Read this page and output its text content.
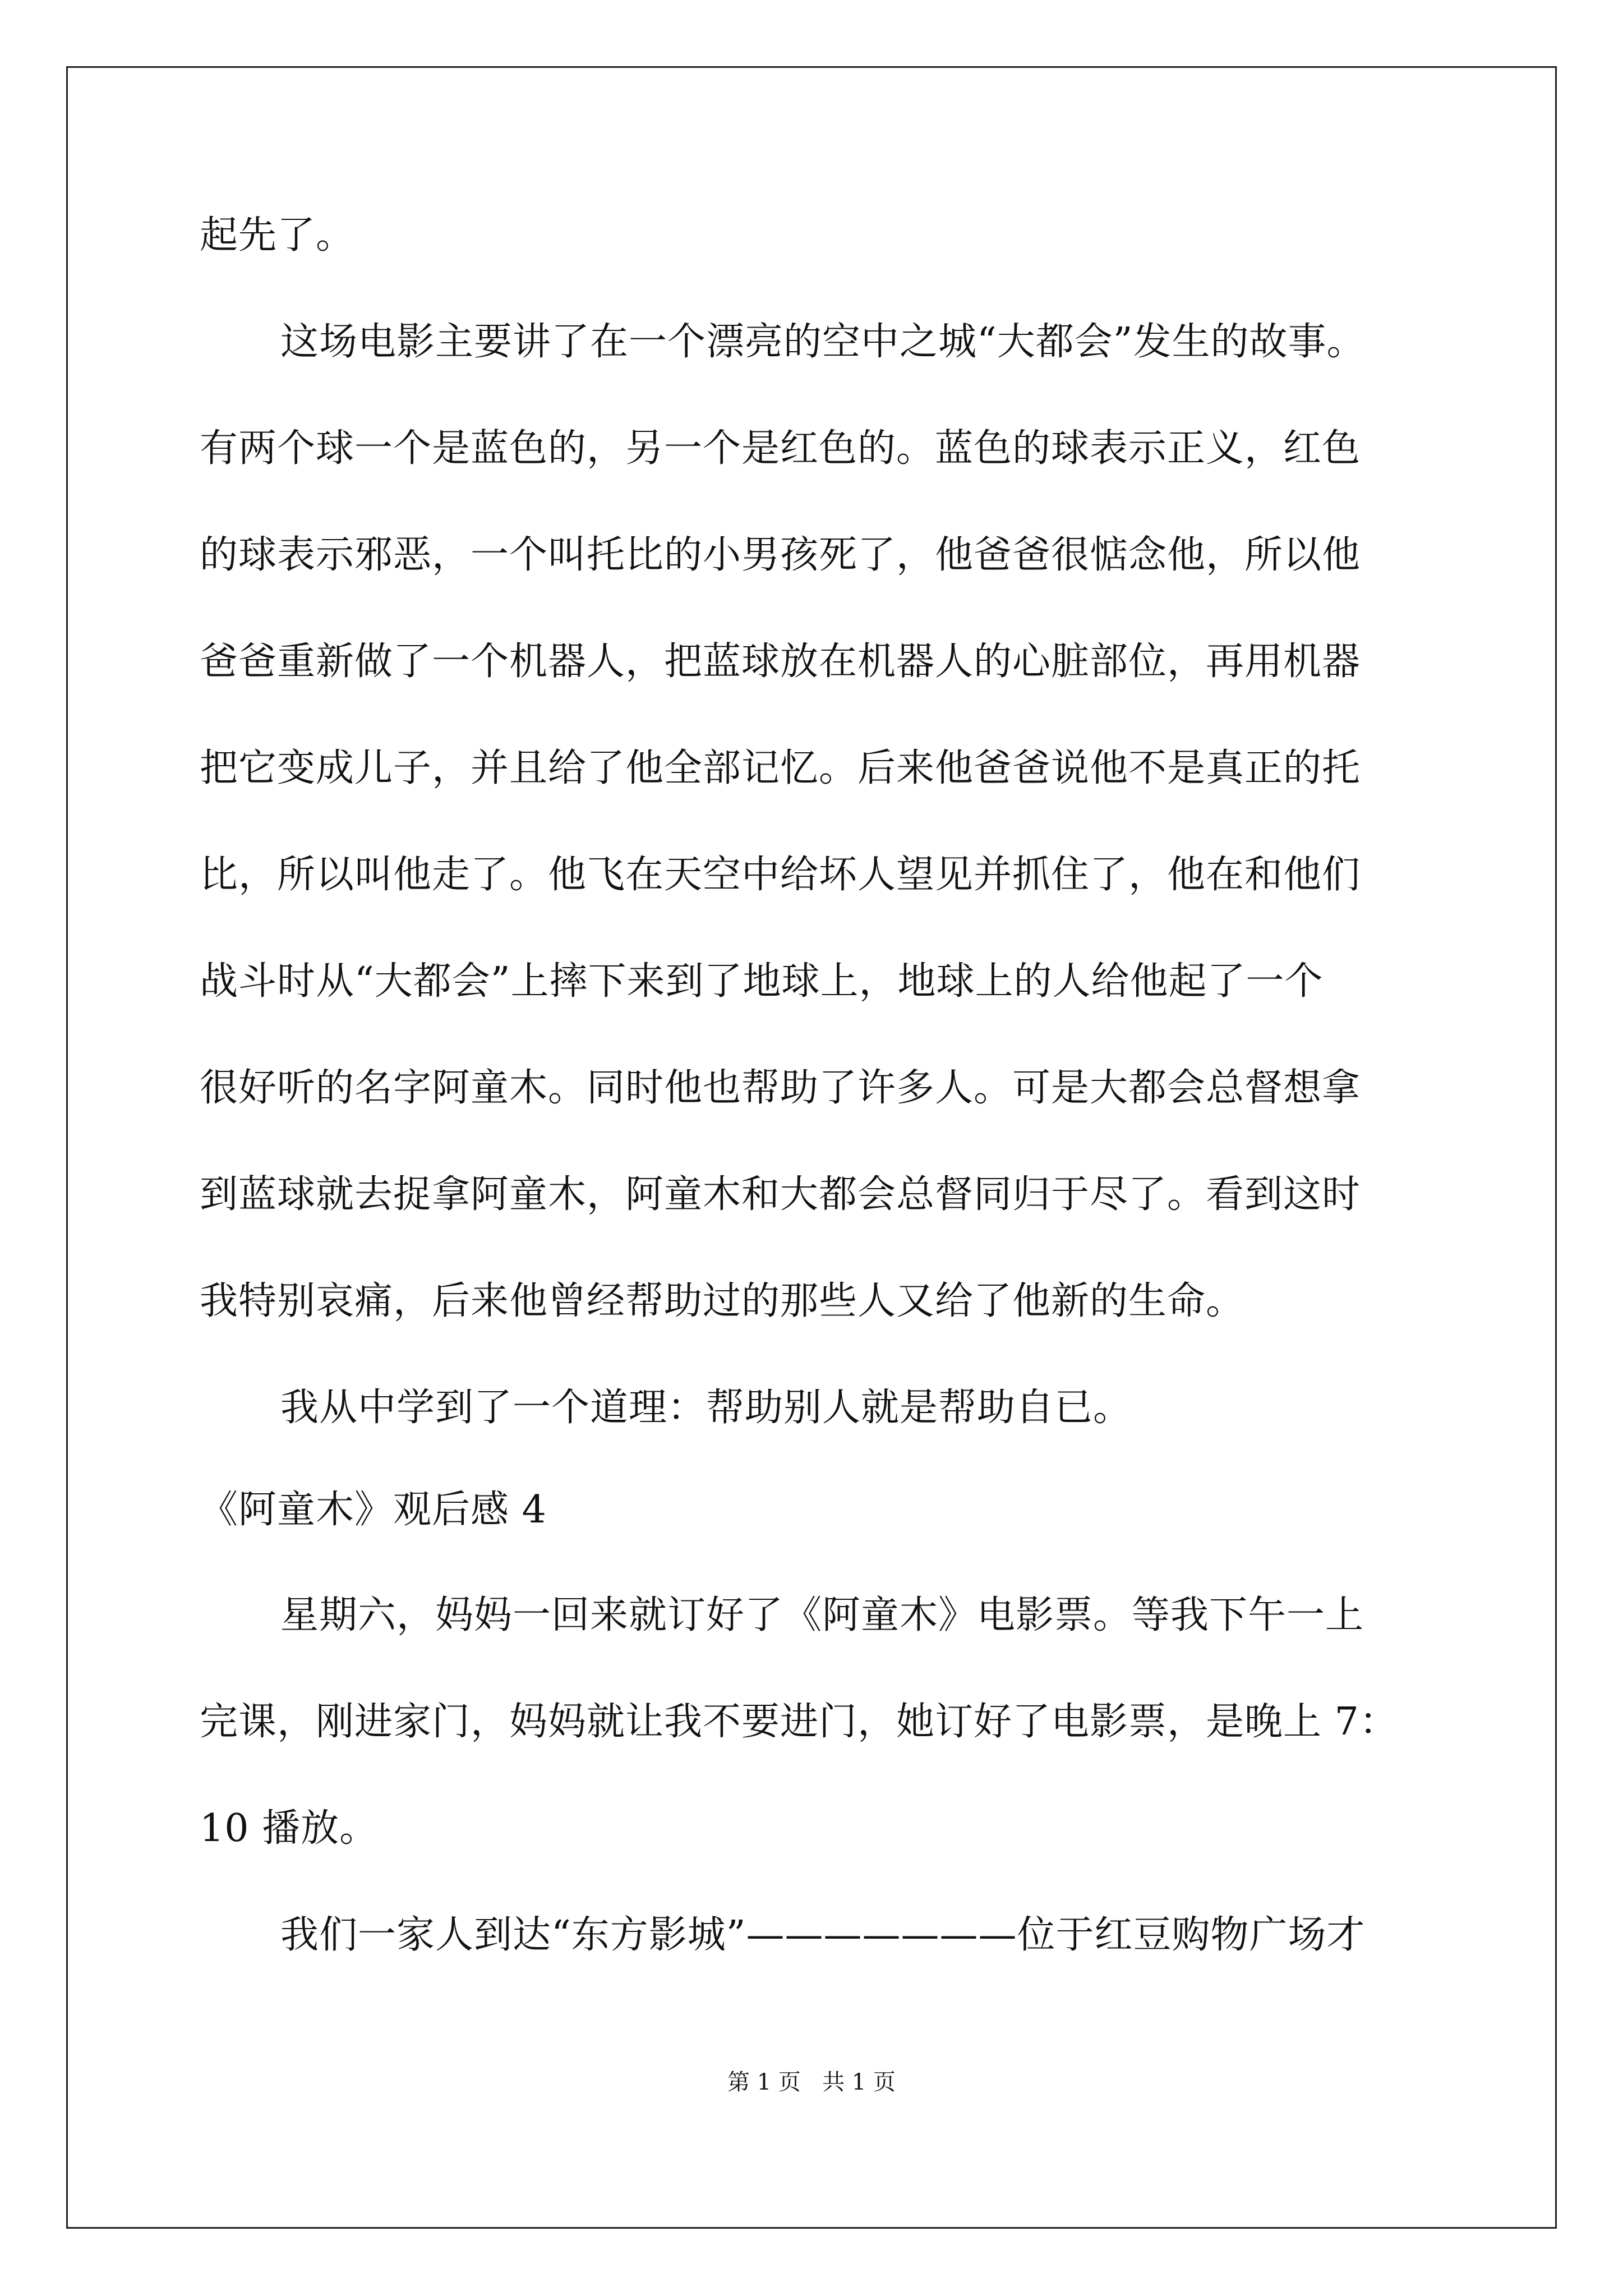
起先了。
这场电影主要讲了在一个漂亮的空中之城“大都会”发生的故事。
有两个球一个是蓝色的，另一个是红色的。蓝色的球表示正义，红色
的球表示邪恶，一个叫托比的小男孩死了，他爸爸很惦念他，所以他
爸爸重新做了一个机器人，把蓝球放在机器人的心脏部位，再用机器
把它变成儿子，并且给了他全部记忆。后来他爸爸说他不是真正的托
比，所以叫他走了。他飞在天空中给坏人望见并抓住了，他在和他们
战斗时从“大都会”上摔下来到了地球上，地球上的人给他起了一个
很好听的名字阿童木。同时他也帮助了许多人。可是大都会总督想拿
到蓝球就去捉拿阿童木，阿童木和大都会总督同归于尽了。看到这时
我特别哀痛，后来他曾经帮助过的那些人又给了他新的生命。
我从中学到了一个道理：帮助别人就是帮助自已。
《阿童木》观后感 4
星期六，妈妈一回来就订好了《阿童木》电影票。等我下午一上
完课，刚进家门，妈妈就让我不要进门，她订好了电影票，是晚上 7：
10 播放。
我们一家人到达“东方影城”———————位于红豆购物广场才
第 1 页   共 1 页
